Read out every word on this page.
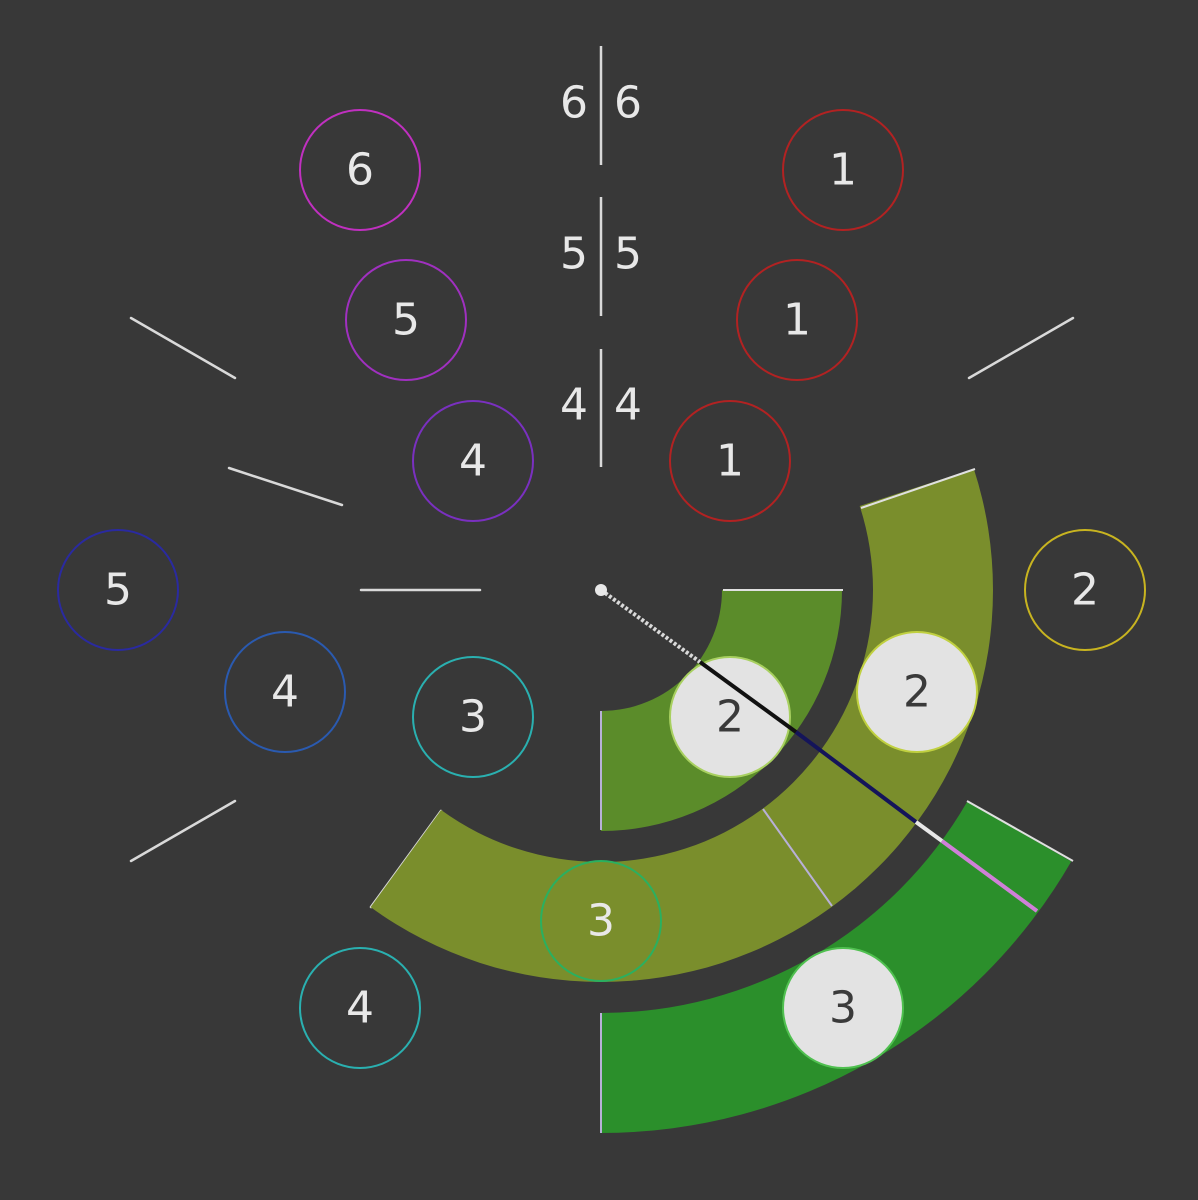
6 6
5 5
4 4
1
1
1
2
6
5
4
5
4	3
4
3
2	2
3
